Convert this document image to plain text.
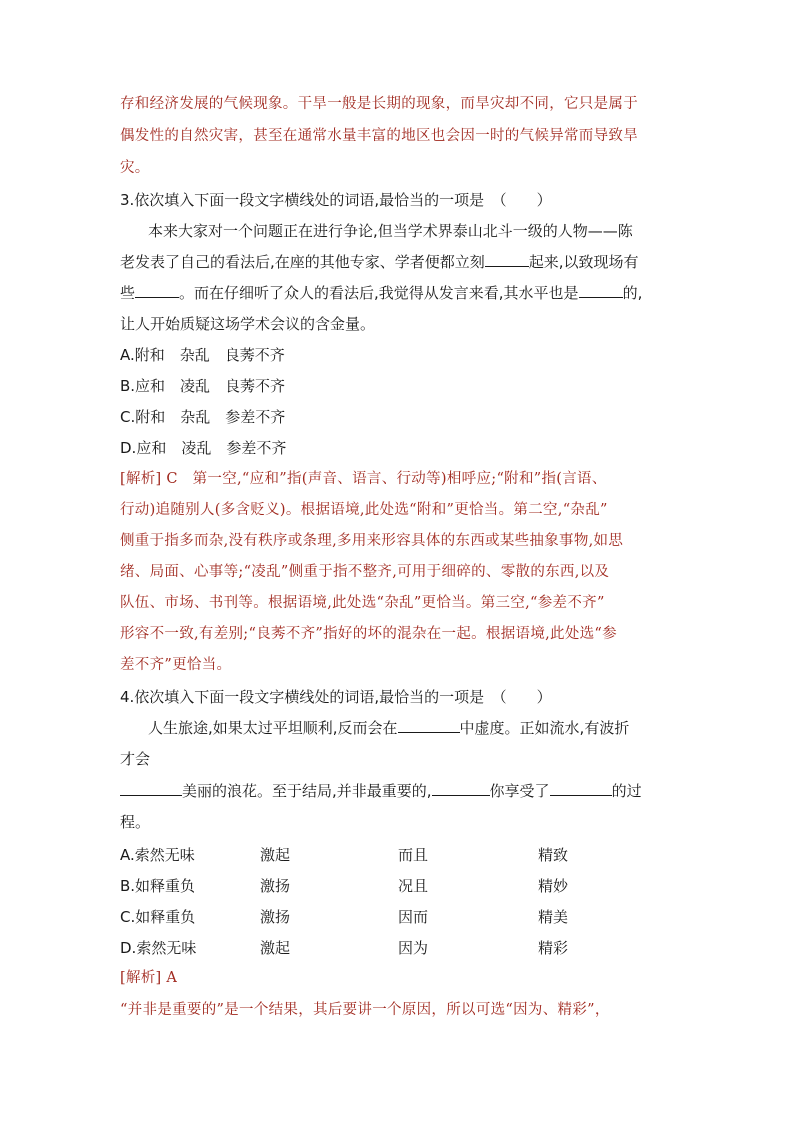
存和经济发展的气候现象。干旱一般是长期的现象，而旱灾却不同，它只是属于
偶发性的自然灾害，甚至在通常水量丰富的地区也会因一时的气候异常而导致旱
灾。
3.依次填入下面一段文字横线处的词语,最恰当的一项是　（　　）
本来大家对一个问题正在进行争论,但当学术界泰山北斗一级的人物——陈
老发表了自己的看法后,在座的其他专家、学者便都立刻	起来,以致现场有
些	。而在仔细听了众人的看法后,我觉得从发言来看,其水平也是	的,
让人开始质疑这场学术会议的含金量。
A.附和　杂乱　良莠不齐
B.应和　凌乱　良莠不齐
C.附和　杂乱　参差不齐
D.应和　凌乱　参差不齐
[解析] C　第一空,“应和”指(声音、语言、行动等)相呼应;“附和”指(言语、
行动)追随别人(多含贬义)。根据语境,此处选“附和”更恰当。第二空,“杂乱”
侧重于指多而杂,没有秩序或条理,多用来形容具体的东西或某些抽象事物,如思
绪、局面、心事等;“凌乱”侧重于指不整齐,可用于细碎的、零散的东西,以及
队伍、市场、书刊等。根据语境,此处选“杂乱”更恰当。第三空,“参差不齐”
形容不一致,有差别;“良莠不齐”指好的坏的混杂在一起。根据语境,此处选“参
差不齐”更恰当。
4.依次填入下面一段文字横线处的词语,最恰当的一项是　（　　）
人生旅途,如果太过平坦顺利,反而会在	中虚度。正如流水,有波折
才会
美丽的浪花。至于结局,并非最重要的,	你享受了	的过
程。
A.索然无味	激起	而且	精致
B.如释重负	激扬	况且	精妙
C.如释重负	激扬	因而	精美
D.索然无味	激起	因为	精彩
[解析] A
“并非是重要的”是一个结果，其后要讲一个原因，所以可选“因为、精彩”，
